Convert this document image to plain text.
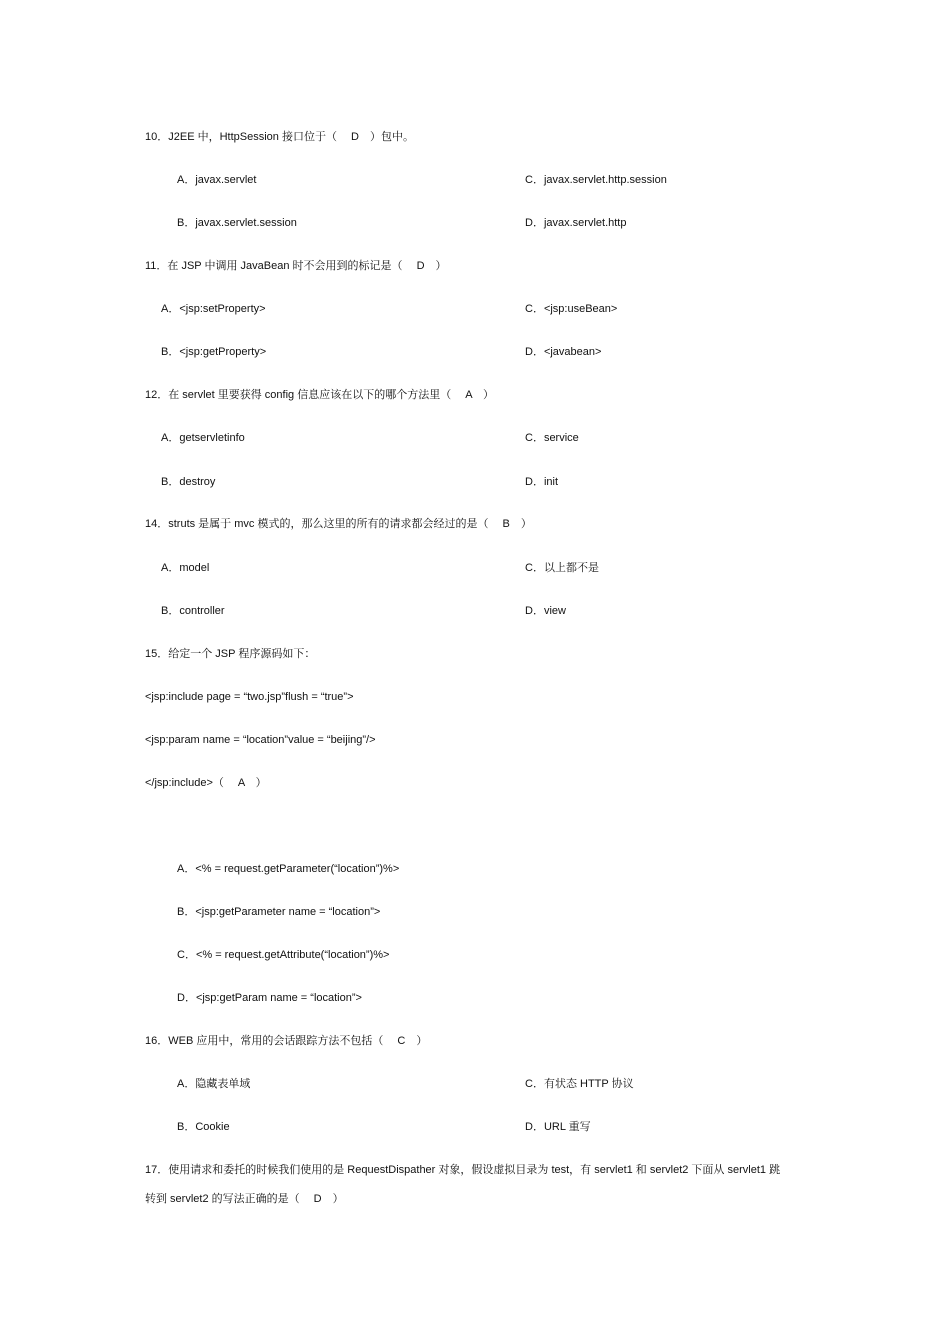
10．J2EE 中，HttpSession 接口位于（　 D　）包中。
A．javax.servlet	C．javax.servlet.http.session
B．javax.servlet.session	D．javax.servlet.http
11．在 JSP 中调用 JavaBean 时不会用到的标记是（　 D　）
A．<jsp:setProperty>	C．<jsp:useBean>
B．<jsp:getProperty>	D．<javabean>
12．在 servlet 里要获得 config 信息应该在以下的哪个方法里（　 A　）
A．getservletinfo	C．service
B．destroy	D．init
14．struts 是属于 mvc 模式的，那么这里的所有的请求都会经过的是（　 B　）
A．model	C．以上都不是
B．controller	D．view
15．给定一个 JSP 程序源码如下：
<jsp:include page = “two.jsp”flush = “true”>
<jsp:param name = “location”value = “beijing”/>
</jsp:include>（　 A　）
A．<% = request.getParameter(“location”)%>
B．<jsp:getParameter name = “location”>
C．<% = request.getAttribute(“location”)%>
D．<jsp:getParam name = “location”>
16．WEB 应用中，常用的会话跟踪方法不包括（　 C　）
A．隐藏表单域	C．有状态 HTTP 协议
B．Cookie	D．URL 重写
17．使用请求和委托的时候我们使用的是 RequestDispather 对象，假设虚拟目录为 test，有 servlet1 和 servlet2 下面从 servlet1 跳
转到 servlet2 的写法正确的是（　 D　）
